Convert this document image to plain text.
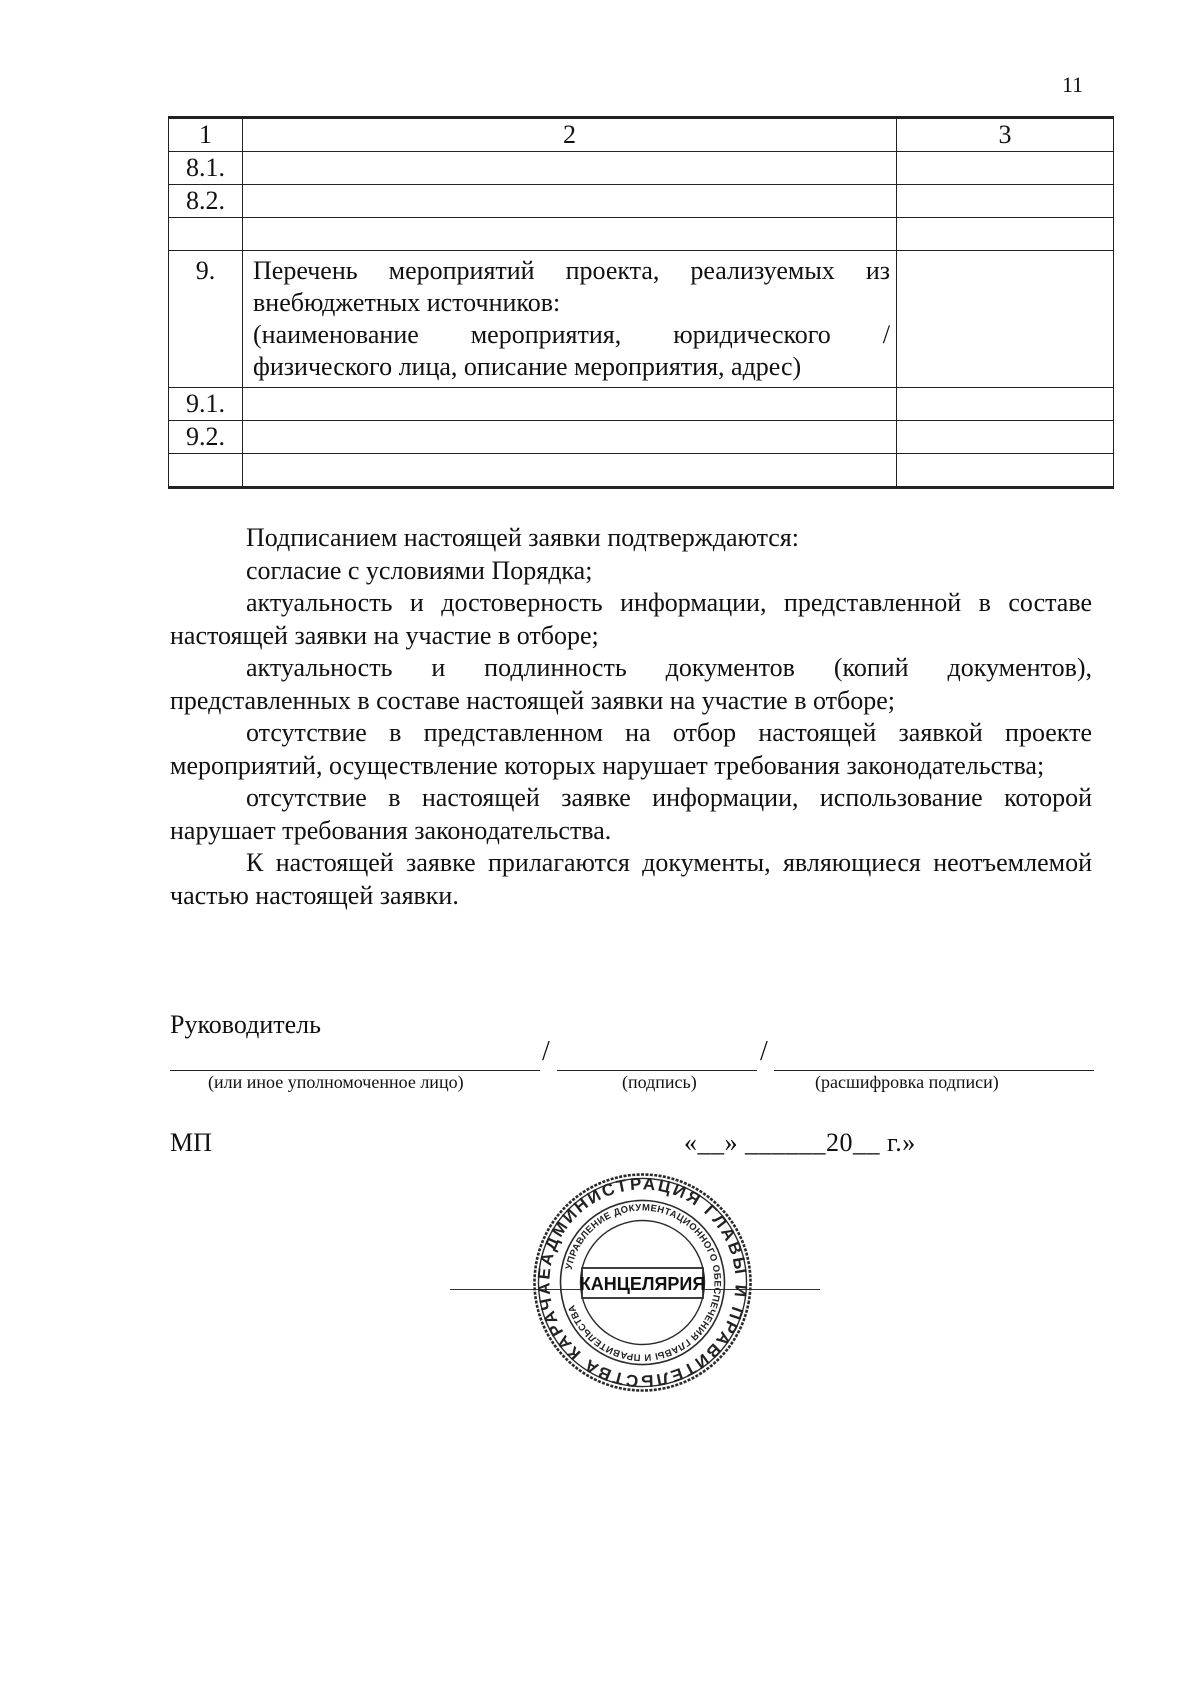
11
1	2	3
8.1.		
8.2.		

9.	Перечень мероприятий проекта, реализуемых из
внебюджетных источников:
(наименование мероприятия, юридического /
физического лица, описание мероприятия, адрес)	

9.1.		
9.2.		

Подписанием настоящей заявки подтверждаются:

согласие с условиями Порядка;

актуальность и достоверность информации, представленной в составе настоящей заявки на участие в отборе;

актуальность и подлинность документов (копий документов), представленных в составе настоящей заявки на участие в отборе;

отсутствие в представленном на отбор настоящей заявкой проекте мероприятий, осуществление которых нарушает требования законодательства;

отсутствие в настоящей заявке информации, использование которой нарушает требования законодательства.

К настоящей заявке прилагаются документы, являющиеся неотъемлемой частью настоящей заявки.

Руководитель
/	/
(или иное уполномоченное лицо)	(подпись)	(расшифровка подписи)
МП	«__» ______20__ г.»
АДМИНИСТРАЦИЯ ГЛАВЫ И ПРАВИТЕЛЬСТВА КАРАЧАЕВО-ЧЕРКЕССКОЙ
УПРАВЛЕНИЕ ДОКУМЕНТАЦИОННОГО ОБЕСПЕЧЕНИЯ ГЛАВЫ И ПРАВИТЕЛЬСТВА
КАНЦЕЛЯРИЯ
